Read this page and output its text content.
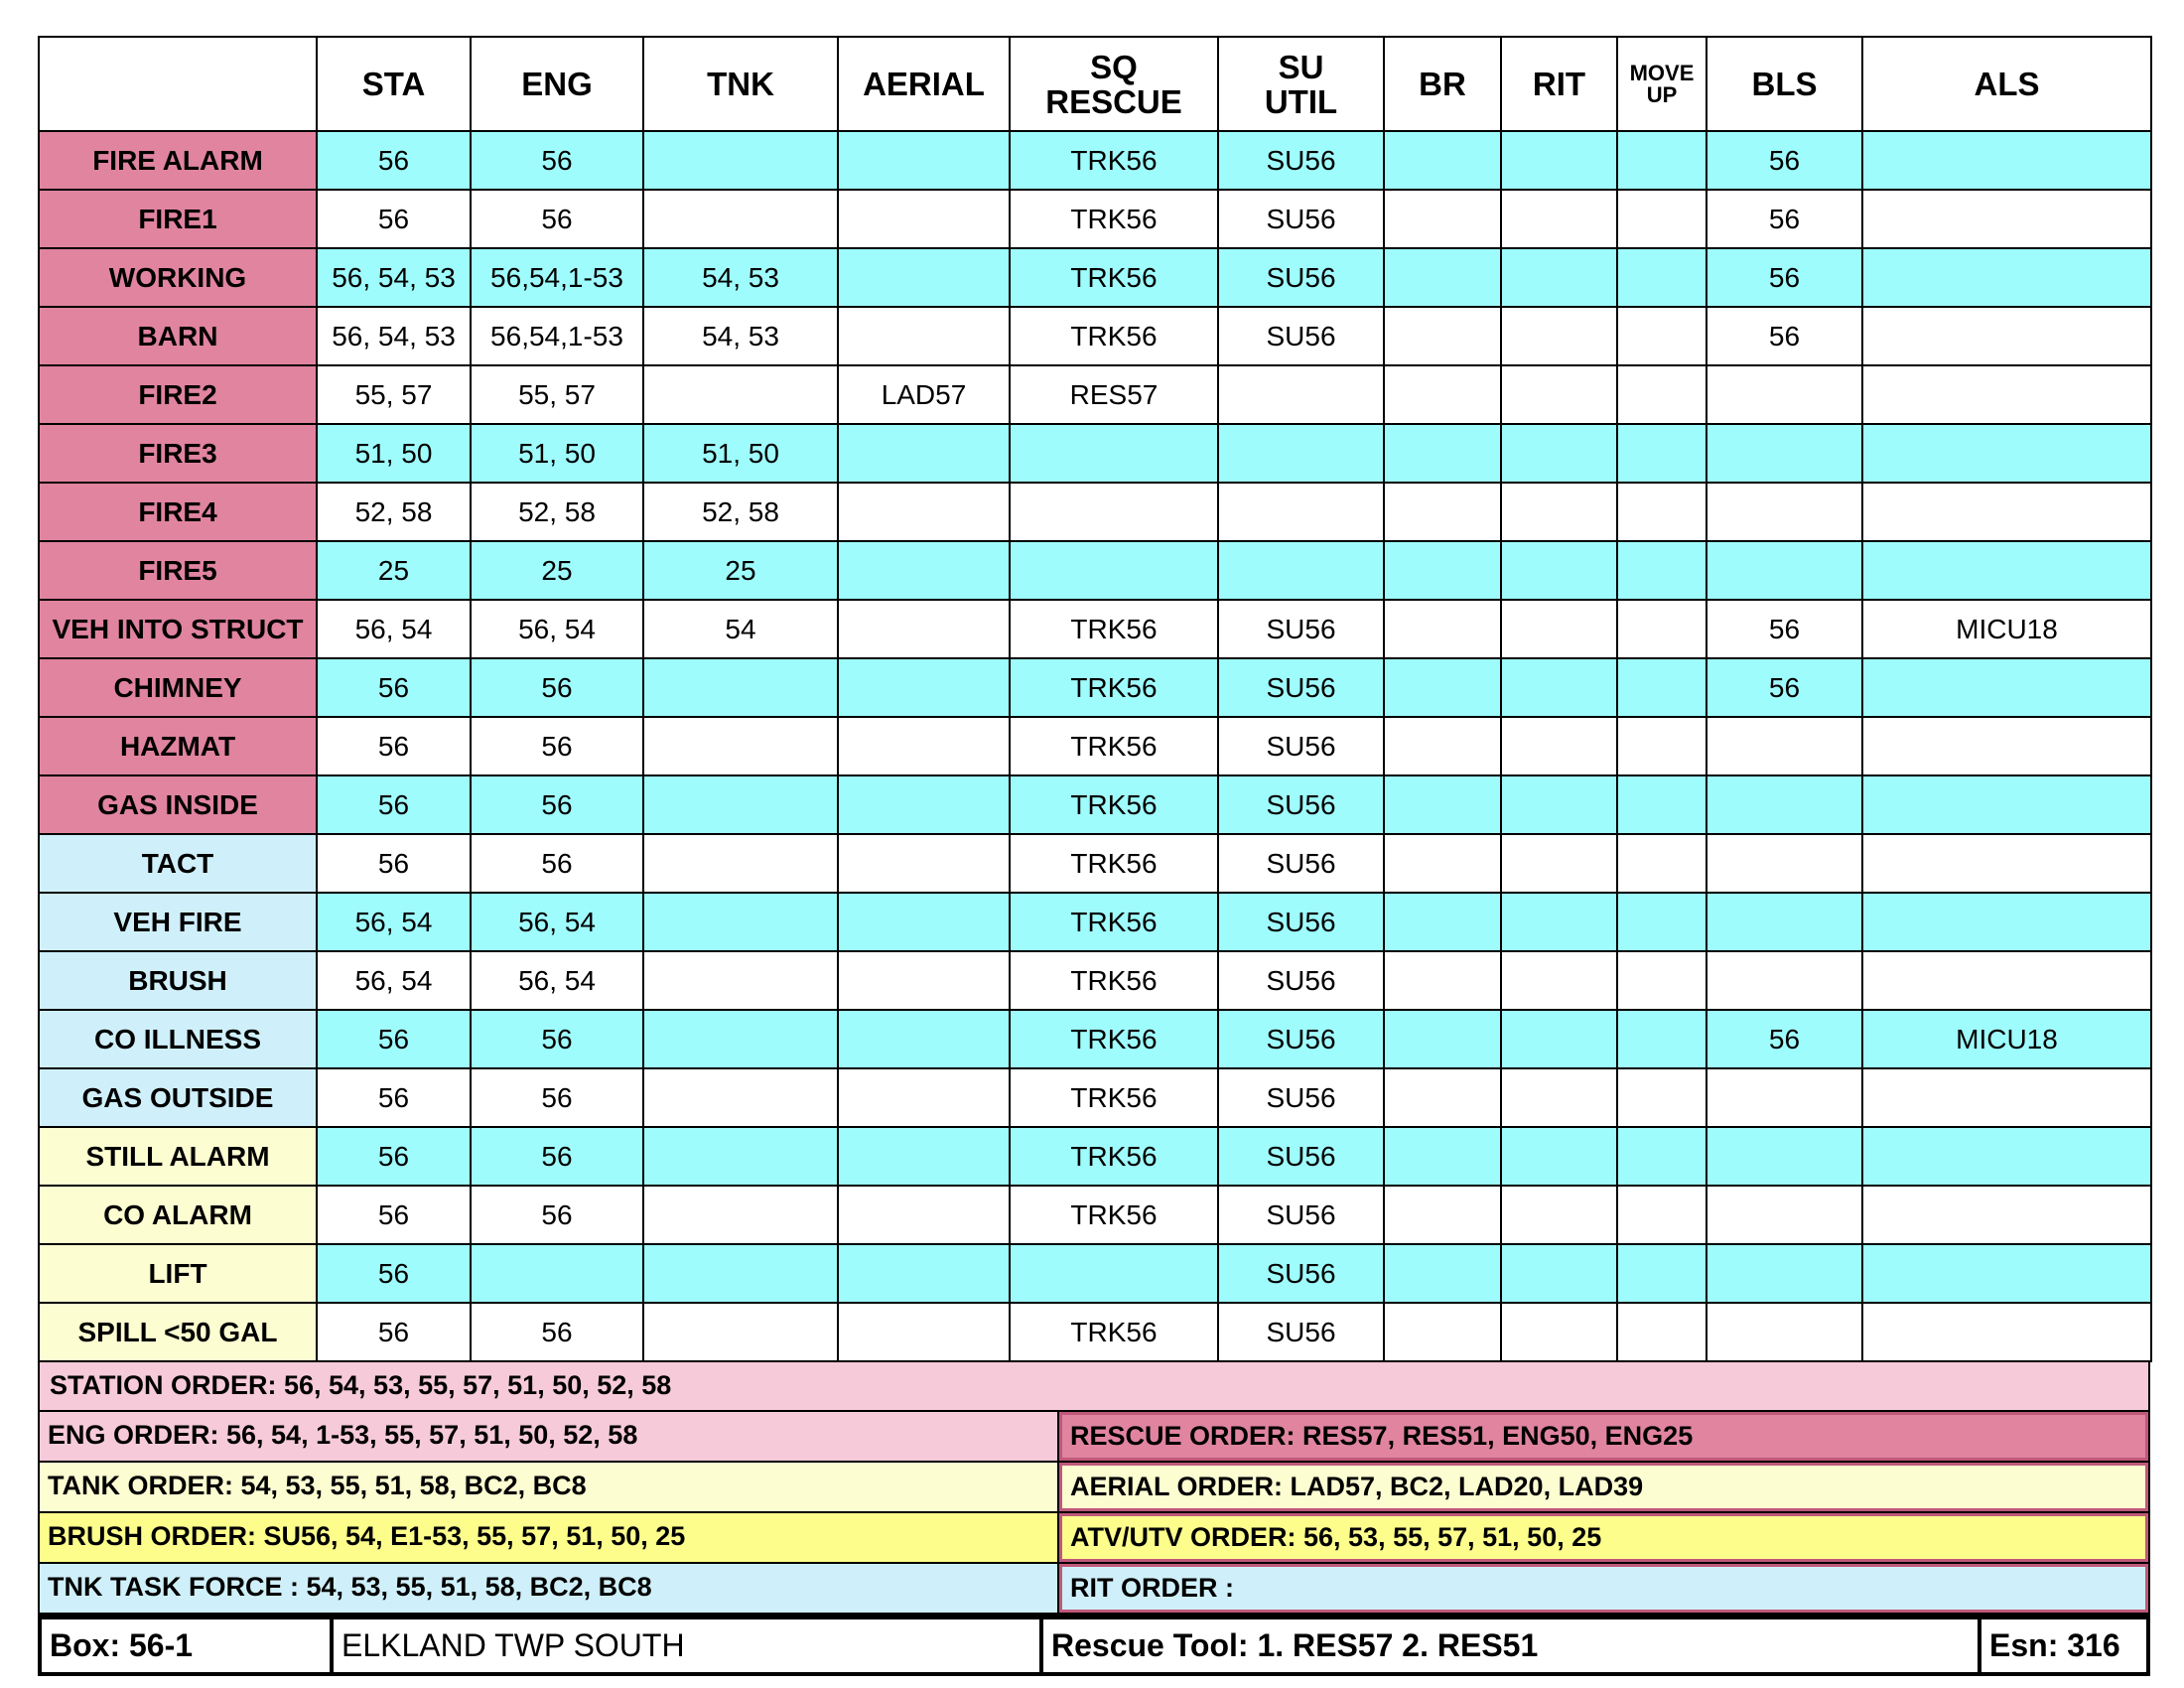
	STA	ENG	TNK	AERIAL	SQ RESCUE	SU UTIL	BR	RIT	MOVE UP	BLS	ALS
FIRE ALARM	56	56			TRK56	SU56				56	
FIRE1	56	56			TRK56	SU56				56	
WORKING	56, 54, 53	56,54,1-53	54, 53		TRK56	SU56				56	
BARN	56, 54, 53	56,54,1-53	54, 53		TRK56	SU56				56	
FIRE2	55, 57	55, 57		LAD57	RES57						
FIRE3	51, 50	51, 50	51, 50								
FIRE4	52, 58	52, 58	52, 58								
FIRE5	25	25	25								
VEH INTO STRUCT	56, 54	56, 54	54		TRK56	SU56				56	MICU18
CHIMNEY	56	56			TRK56	SU56				56	
HAZMAT	56	56			TRK56	SU56					
GAS INSIDE	56	56			TRK56	SU56					
TACT	56	56			TRK56	SU56					
VEH FIRE	56, 54	56, 54			TRK56	SU56					
BRUSH	56, 54	56, 54			TRK56	SU56					
CO ILLNESS	56	56			TRK56	SU56				56	MICU18
GAS OUTSIDE	56	56			TRK56	SU56					
STILL ALARM	56	56			TRK56	SU56					
CO ALARM	56	56			TRK56	SU56					
LIFT	56					SU56					
SPILL <50 GAL	56	56			TRK56	SU56					
STATION ORDER: 56, 54, 53, 55, 57, 51, 50, 52, 58
ENG ORDER: 56, 54, 1-53, 55, 57, 51, 50, 52, 58	RESCUE ORDER: RES57, RES51, ENG50, ENG25
TANK ORDER: 54, 53, 55, 51, 58, BC2, BC8	AERIAL ORDER: LAD57, BC2, LAD20, LAD39
BRUSH ORDER: SU56, 54, E1-53, 55, 57, 51, 50, 25	ATV/UTV ORDER: 56, 53, 55, 57, 51, 50, 25
TNK TASK FORCE : 54, 53, 55, 51, 58, BC2, BC8	RIT ORDER :
Box: 56-1	ELKLAND TWP SOUTH	Rescue Tool: 1. RES57 2. RES51	Esn: 316
